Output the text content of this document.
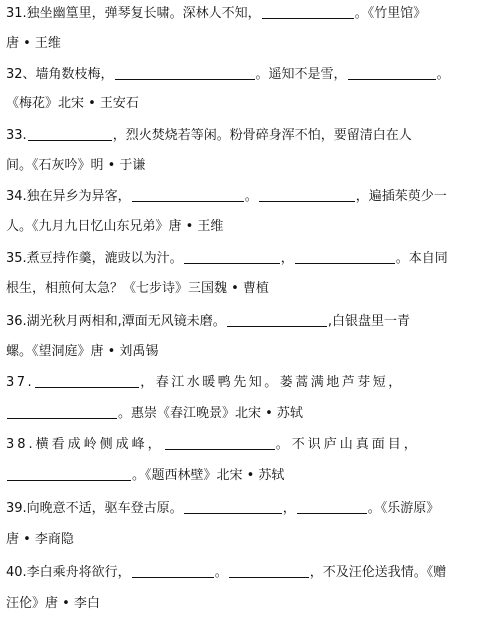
31.独坐幽篁里，弹琴复长啸。深林人不知，	。《竹里馆》
唐 • 王维
32、墙角数枝梅，	。遥知不是雪，	。
《梅花》北宋 • 王安石
33.	，烈火焚烧若等闲。粉骨碎身浑不怕，要留清白在人
间。《石灰吟》明 • 于谦
34.独在异乡为异客，	。	，遍插茱萸少一
人。《九月九日忆山东兄弟》唐 • 王维
35.煮豆持作羹，漉豉以为汁。	，	。本自同
根生，相煎何太急？《七步诗》三国魏 • 曹植
36.湖光秋月两相和,潭面无风镜未磨。	,白银盘里一青
螺。《望洞庭》唐 • 刘禹锡
37.	，春江水暖鸭先知。蒌蒿满地芦芽短，
。惠崇《春江晚景》北宋 • 苏轼
38.横看成岭侧成峰，	。不识庐山真面目，
。《题西林壁》北宋 • 苏轼
39.向晚意不适，驱车登古原。	，	。《乐游原》
唐 • 李商隐
40.李白乘舟将欲行，	。	，不及汪伦送我情。《赠
汪伦》唐 • 李白
